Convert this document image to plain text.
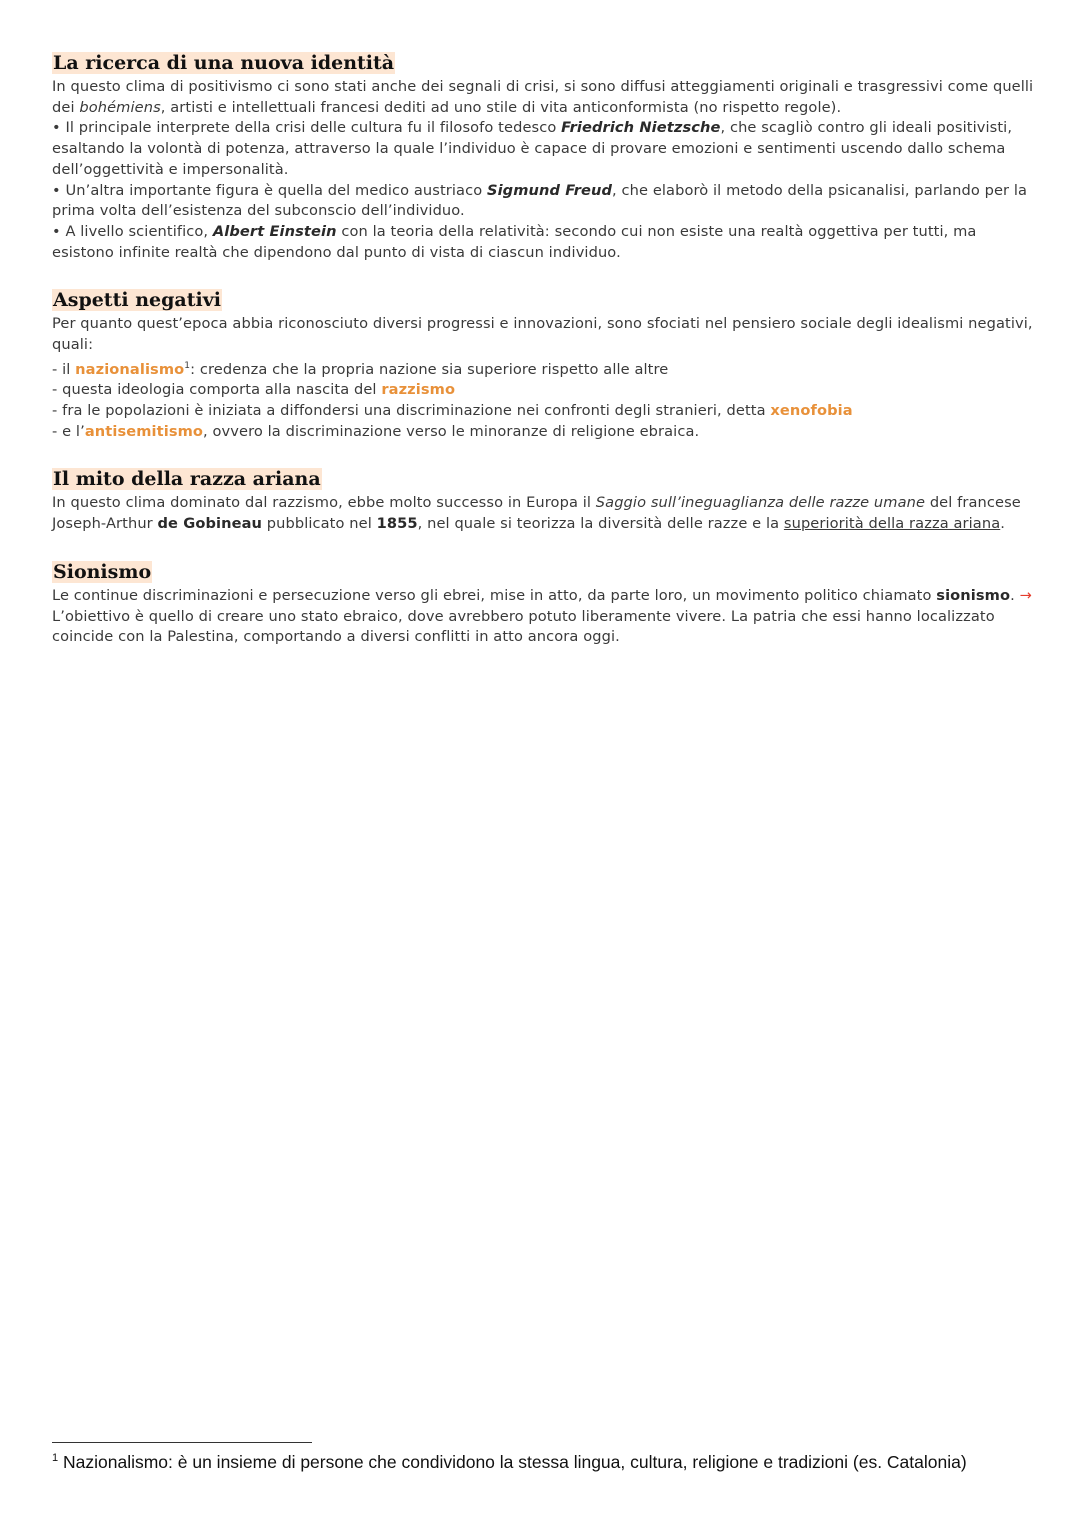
La ricerca di una nuova identità

In questo clima di positivismo ci sono stati anche dei segnali di crisi, si sono diffusi atteggiamenti originali e trasgressivi come quelli dei bohémiens, artisti e intellettuali francesi dediti ad uno stile di vita anticonformista (no rispetto regole).

• Il principale interprete della crisi delle cultura fu il filosofo tedesco Friedrich Nietzsche, che scagliò contro gli ideali positivisti, esaltando la volontà di potenza, attraverso la quale l’individuo è capace di provare emozioni e sentimenti uscendo dallo schema dell’oggettività e impersonalità.

• Un’altra importante figura è quella del medico austriaco Sigmund Freud, che elaborò il metodo della psicanalisi, parlando per la prima volta dell’esistenza del subconscio dell’individuo.

• A livello scientifico, Albert Einstein con la teoria della relatività: secondo cui non esiste una realtà oggettiva per tutti, ma esistono infinite realtà che dipendono dal punto di vista di ciascun individuo.

Aspetti negativi

Per quanto quest’epoca abbia riconosciuto diversi progressi e innovazioni, sono sfociati nel pensiero sociale degli idealismi negativi, quali:

- il nazionalismo$^1$: credenza che la propria nazione sia superiore rispetto alle altre

- questa ideologia comporta alla nascita del razzismo

- fra le popolazioni è iniziata a diffondersi una discriminazione nei confronti degli stranieri, detta xenofobia

- e l’antisemitismo, ovvero la discriminazione verso le minoranze di religione ebraica.

Il mito della razza ariana

In questo clima dominato dal razzismo, ebbe molto successo in Europa il Saggio sull’ineguaglianza delle razze umane del francese Joseph-Arthur de Gobineau pubblicato nel 1855, nel quale si teorizza la diversità delle razze e la superiorità della razza ariana.

Sionismo

Le continue discriminazioni e persecuzione verso gli ebrei, mise in atto, da parte loro, un movimento politico chiamato sionismo. → L’obiettivo è quello di creare uno stato ebraico, dove avrebbero potuto liberamente vivere. La patria che essi hanno localizzato coincide con la Palestina, comportando a diversi conflitti in atto ancora oggi.

$^1$ Nazionalismo: è un insieme di persone che condividono la stessa lingua, cultura, religione e tradizioni (es. Catalonia)
